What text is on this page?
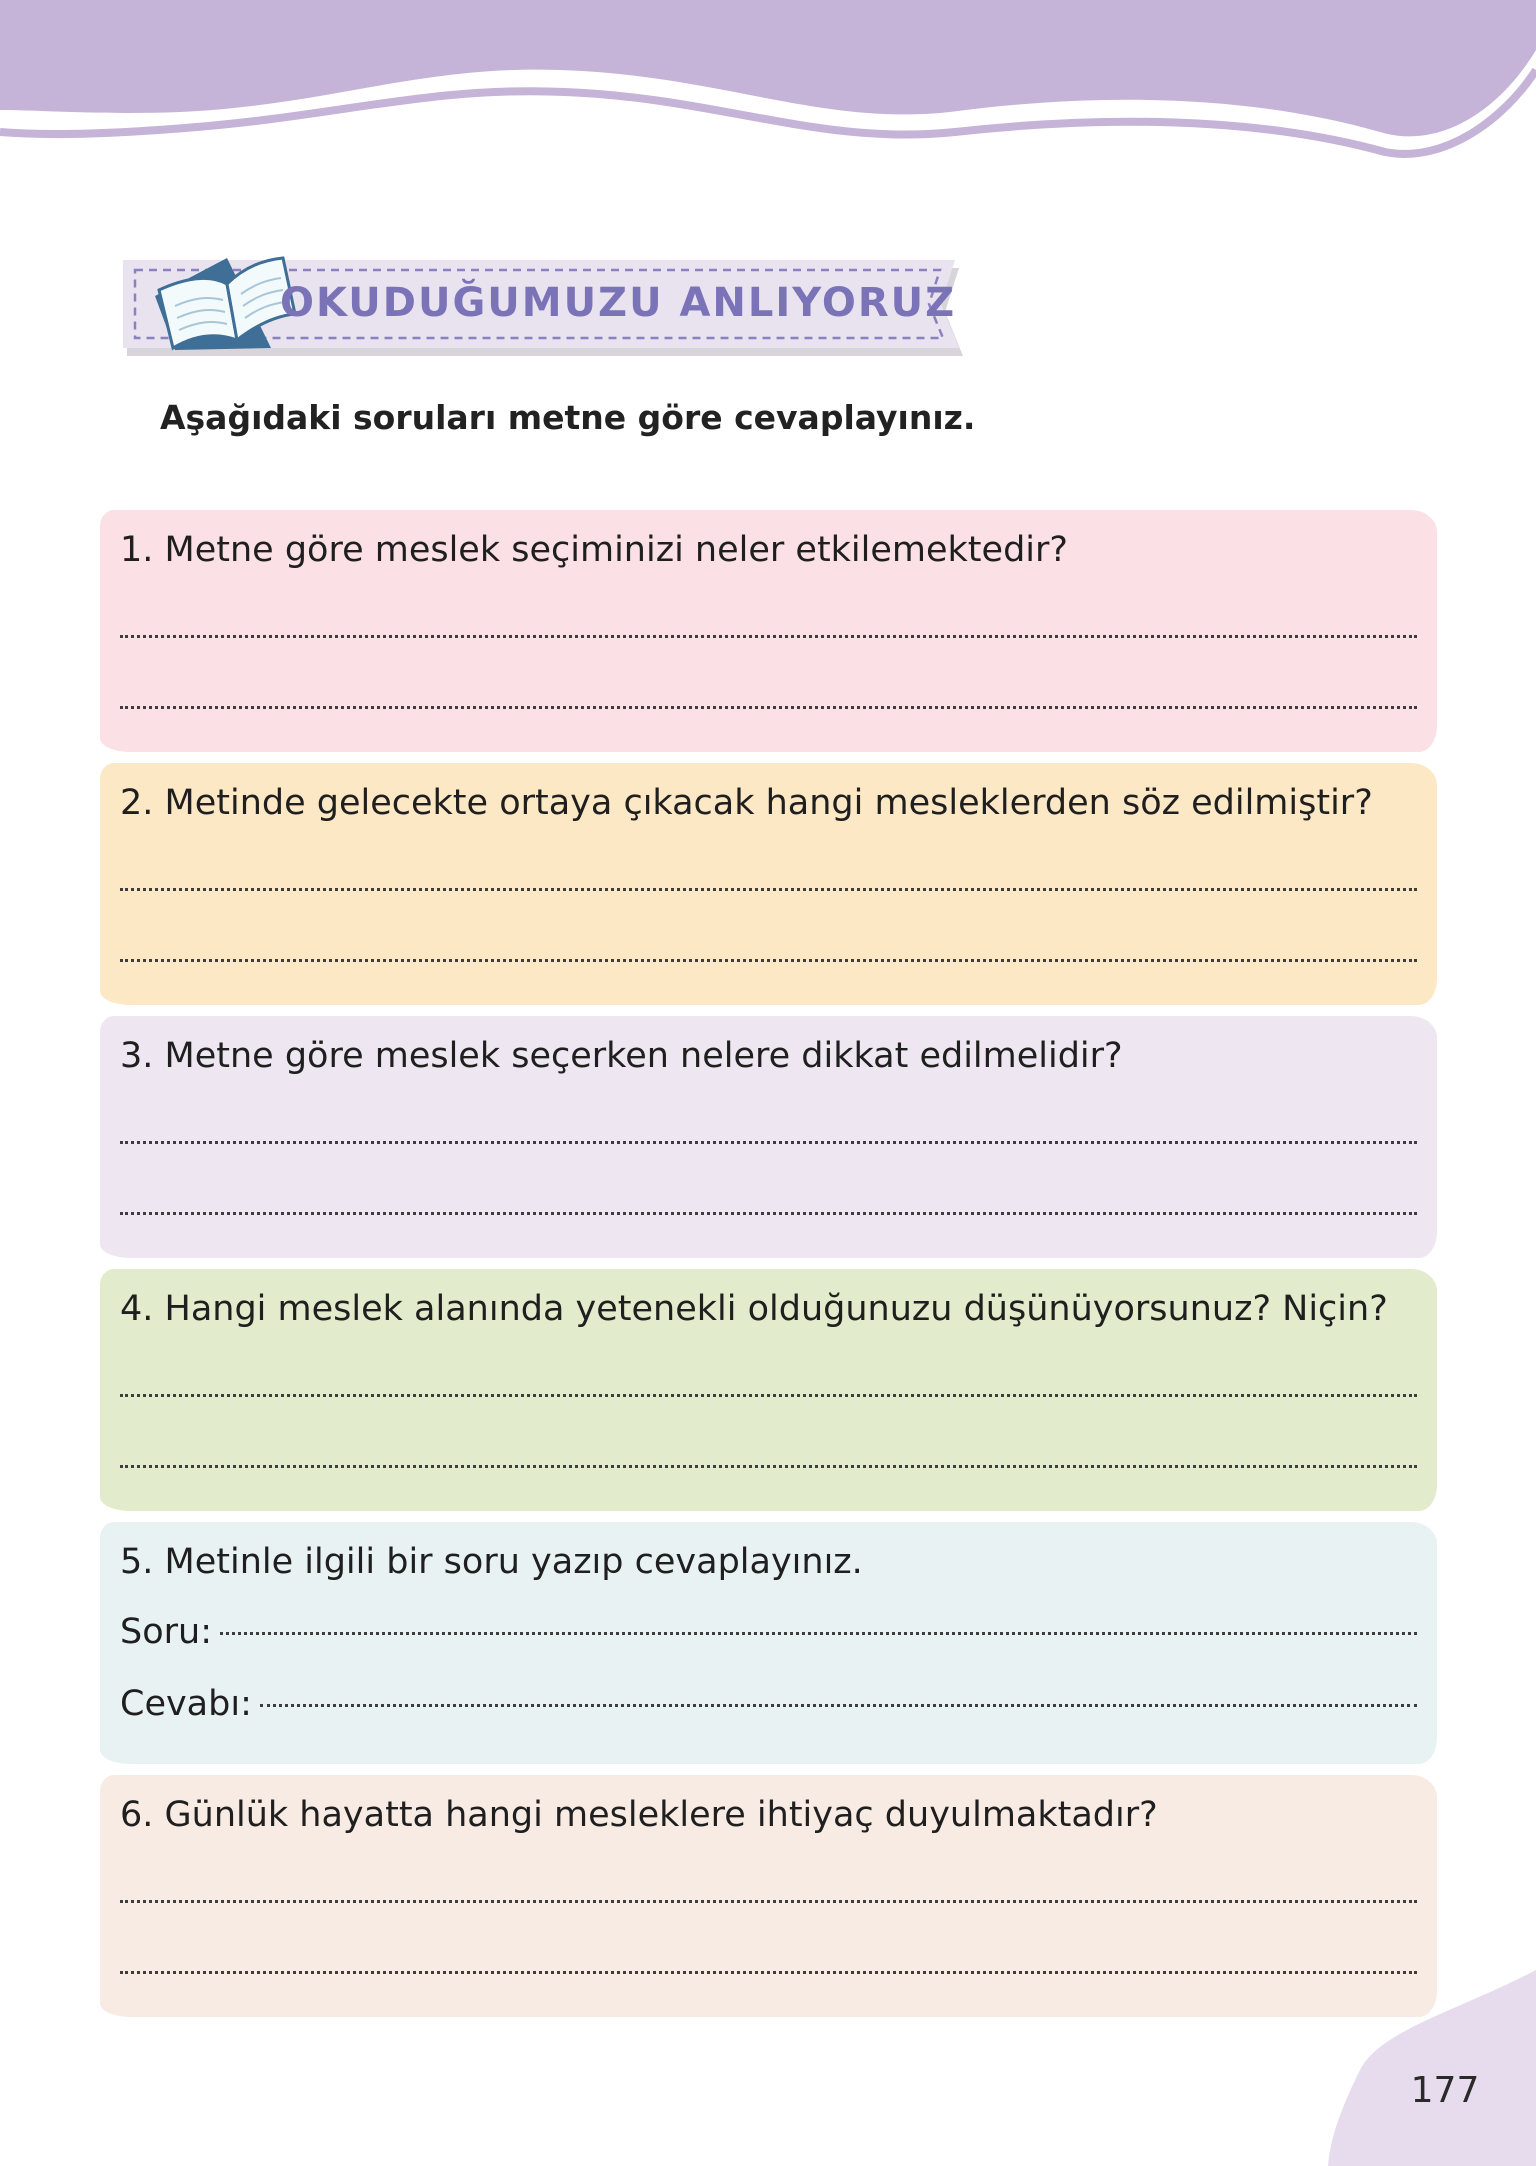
OKUDUĞUMUZU ANLIYORUZ
Aşağıdaki soruları metne göre cevaplayınız.
1. Metne göre meslek seçiminizi neler etkilemektedir?
2. Metinde gelecekte ortaya çıkacak hangi mesleklerden söz edilmiştir?
3. Metne göre meslek seçerken nelere dikkat edilmelidir?
4. Hangi meslek alanında yetenekli olduğunuzu düşünüyorsunuz? Niçin?
5. Metinle ilgili bir soru yazıp cevaplayınız.
Soru:
Cevabı:
6. Günlük hayatta hangi mesleklere ihtiyaç duyulmaktadır?
177
